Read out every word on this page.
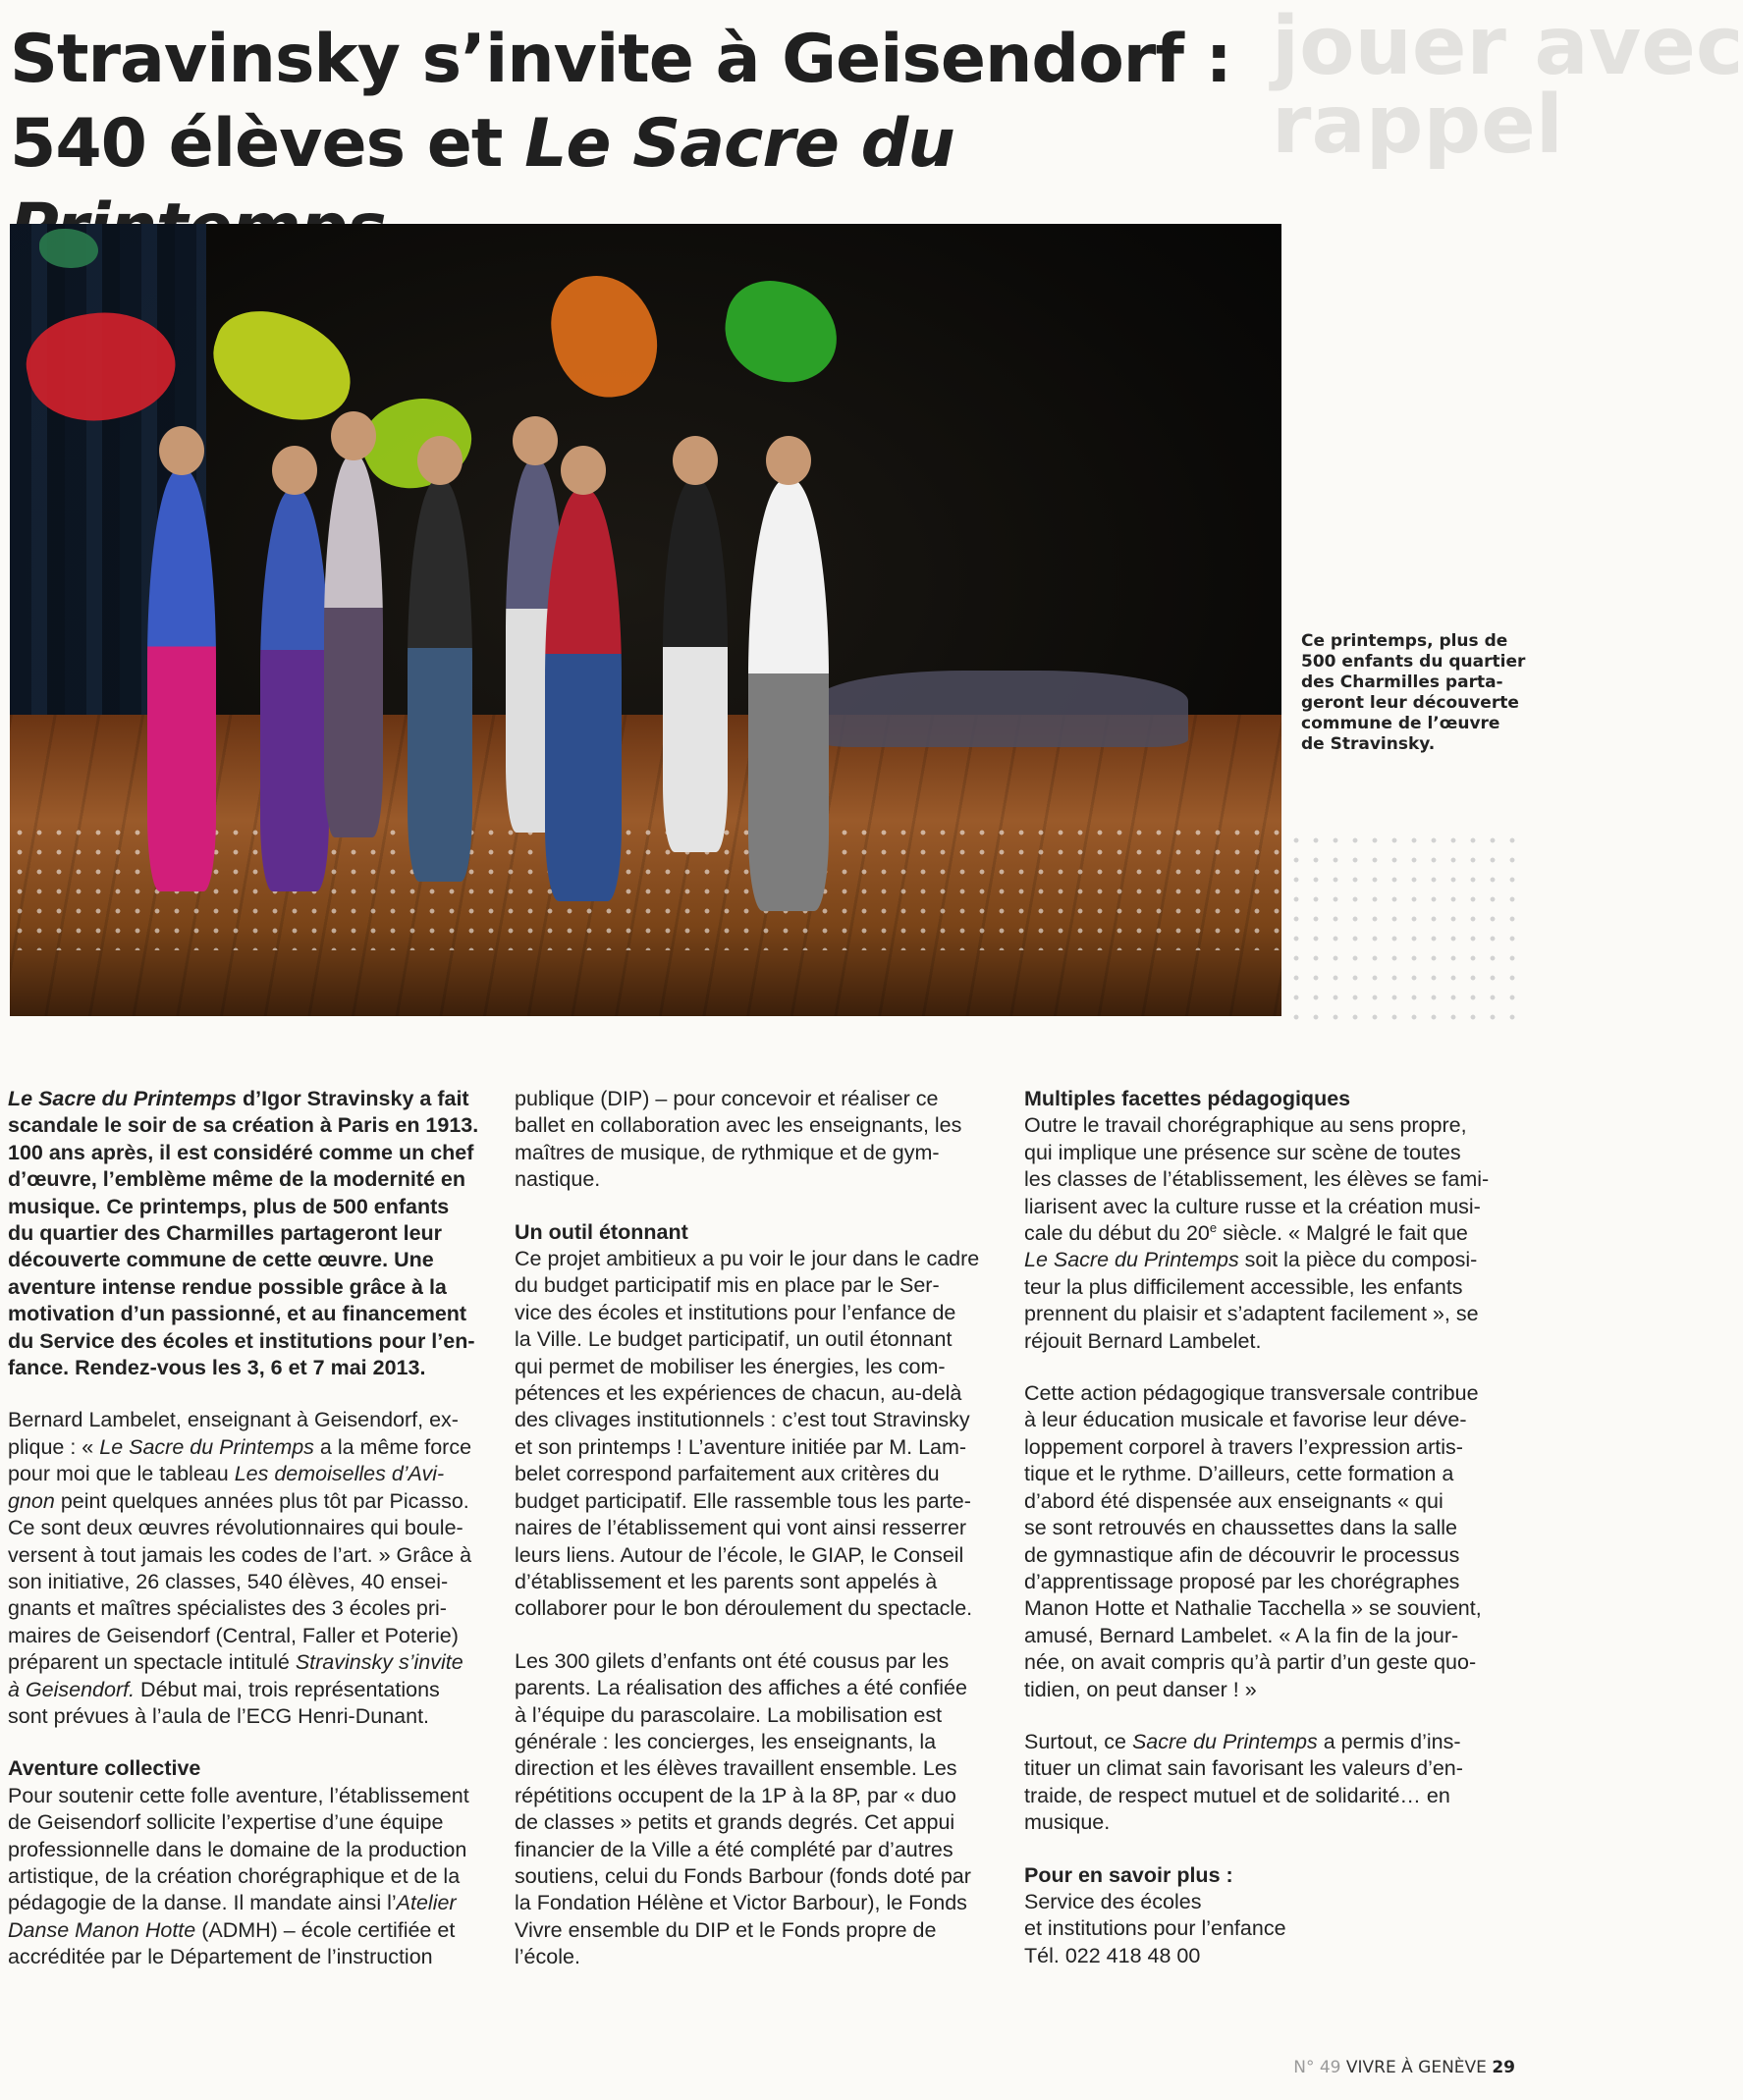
jouer avec
rappel
Stravinsky s’invite à Geisendorf :
540 élèves et Le Sacre du
Ce printemps, plus de
500 enfants du quartier
des Charmilles parta-
geront leur découverte
commune de l’œuvre
de Stravinsky.
Le Sacre du Printemps d’Igor Stravinsky a fait
scandale le soir de sa création à Paris en 1913.
100 ans après, il est considéré comme un chef
d’œuvre, l’emblème même de la modernité en
musique. Ce printemps, plus de 500 enfants
du quartier des Charmilles partageront leur
découverte commune de cette œuvre. Une
aventure intense rendue possible grâce à la
motivation d’un passionné, et au financement
du Service des écoles et institutions pour l’en-
fance. Rendez-vous les 3, 6 et 7 mai 2013.
Bernard Lambelet, enseignant à Geisendorf, ex-
plique : « Le Sacre du Printemps a la même force
pour moi que le tableau Les demoiselles d’Avi-
gnon peint quelques années plus tôt par Picasso.
Ce sont deux œuvres révolutionnaires qui boule-
versent à tout jamais les codes de l’art. » Grâce à
son initiative, 26 classes, 540 élèves, 40 ensei-
gnants et maîtres spécialistes des 3 écoles pri-
maires de Geisendorf (Central, Faller et Poterie)
préparent un spectacle intitulé Stravinsky s’invite
à Geisendorf. Début mai, trois représentations
sont prévues à l’aula de l’ECG Henri-Dunant.
Aventure collective
Pour soutenir cette folle aventure, l’établissement
de Geisendorf sollicite l’expertise d’une équipe
professionnelle dans le domaine de la production
artistique, de la création chorégraphique et de la
pédagogie de la danse. Il mandate ainsi l’Atelier
Danse Manon Hotte (ADMH) – école certifiée et
accréditée par le Département de l’instruction
publique (DIP) – pour concevoir et réaliser ce
ballet en collaboration avec les enseignants, les
maîtres de musique, de rythmique et de gym-
nastique.
Un outil étonnant
Ce projet ambitieux a pu voir le jour dans le cadre
du budget participatif mis en place par le Ser-
vice des écoles et institutions pour l’enfance de
la Ville. Le budget participatif, un outil étonnant
qui permet de mobiliser les énergies, les com-
pétences et les expériences de chacun, au-delà
des clivages institutionnels : c’est tout Stravinsky
et son printemps ! L’aventure initiée par M. Lam-
belet correspond parfaitement aux critères du
budget participatif. Elle rassemble tous les parte-
naires de l’établissement qui vont ainsi resserrer
leurs liens. Autour de l’école, le GIAP, le Conseil
d’établissement et les parents sont appelés à
collaborer pour le bon déroulement du spectacle.
Les 300 gilets d’enfants ont été cousus par les
parents. La réalisation des affiches a été confiée
à l’équipe du parascolaire. La mobilisation est
générale : les concierges, les enseignants, la
direction et les élèves travaillent ensemble. Les
répétitions occupent de la 1P à la 8P, par « duo
de classes » petits et grands degrés. Cet appui
financier de la Ville a été complété par d’autres
soutiens, celui du Fonds Barbour (fonds doté par
la Fondation Hélène et Victor Barbour), le Fonds
Vivre ensemble du DIP et le Fonds propre de
l’école.
Multiples facettes pédagogiques
Outre le travail chorégraphique au sens propre,
qui implique une présence sur scène de toutes
les classes de l’établissement, les élèves se fami-
liarisent avec la culture russe et la création musi-
cale du début du 20e siècle. « Malgré le fait que
Le Sacre du Printemps soit la pièce du composi-
teur la plus difficilement accessible, les enfants
prennent du plaisir et s’adaptent facilement », se
réjouit Bernard Lambelet.
Cette action pédagogique transversale contribue
à leur éducation musicale et favorise leur déve-
loppement corporel à travers l’expression artis-
tique et le rythme. D’ailleurs, cette formation a
d’abord été dispensée aux enseignants « qui
se sont retrouvés en chaussettes dans la salle
de gymnastique afin de découvrir le processus
d’apprentissage proposé par les chorégraphes
Manon Hotte et Nathalie Tacchella » se souvient,
amusé, Bernard Lambelet. « A la fin de la jour-
née, on avait compris qu’à partir d’un geste quo-
tidien, on peut danser ! »
Surtout, ce Sacre du Printemps a permis d’ins-
tituer un climat sain favorisant les valeurs d’en-
traide, de respect mutuel et de solidarité… en
musique.
Pour en savoir plus :
Service des écoles
et institutions pour l’enfance
Tél. 022 418 48 00
N° 49 VIVRE À GENÈVE 29
